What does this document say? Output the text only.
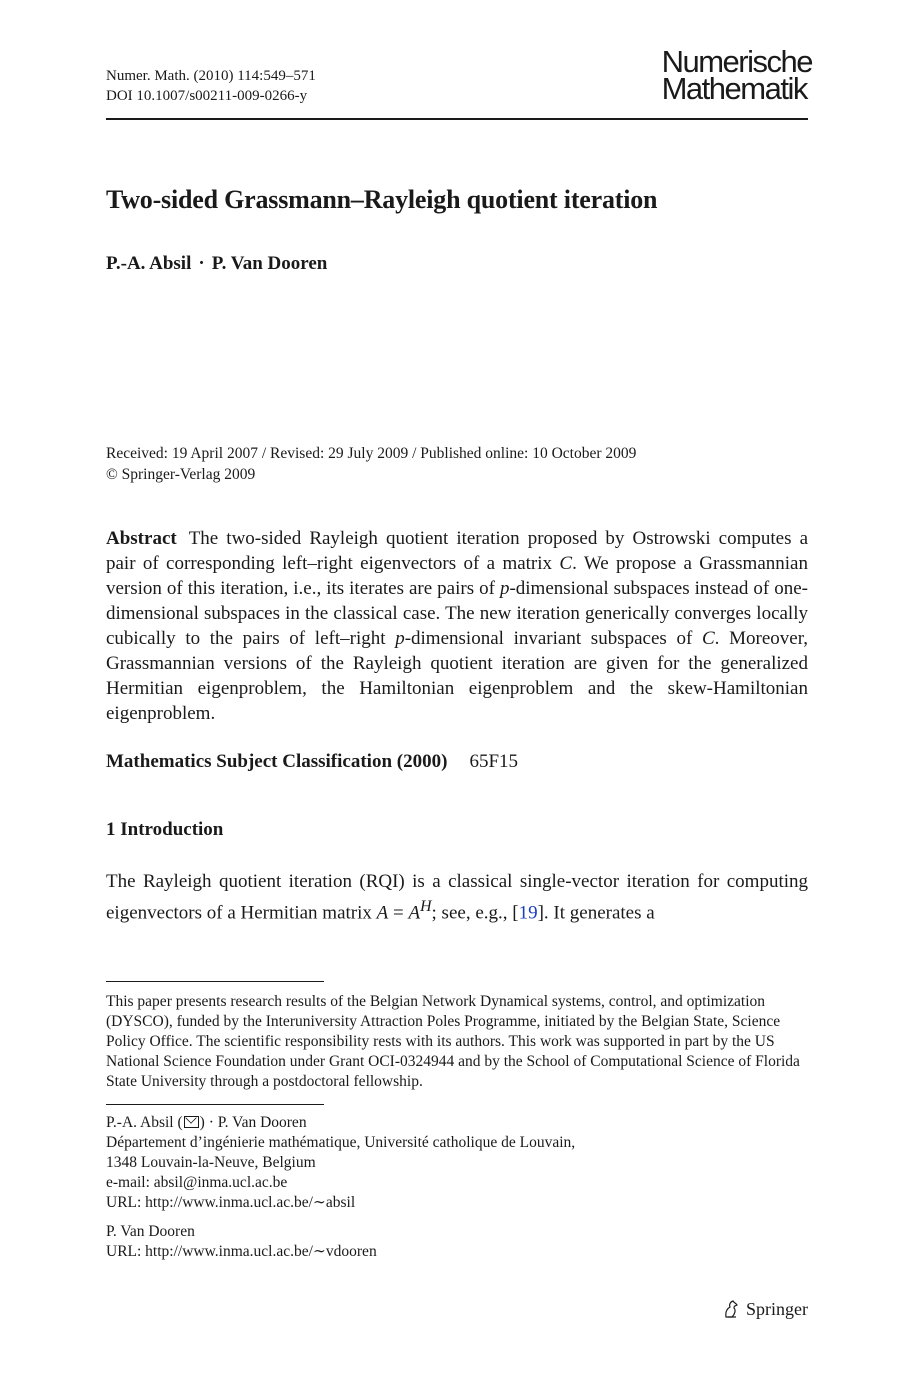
Numer. Math. (2010) 114:549–571
DOI 10.1007/s00211-009-0266-y
Numerische
Mathematik
Two-sided Grassmann–Rayleigh quotient iteration
P.-A. Absil · P. Van Dooren
Received: 19 April 2007 / Revised: 29 July 2009 / Published online: 10 October 2009
© Springer-Verlag 2009
Abstract The two-sided Rayleigh quotient iteration proposed by Ostrowski computes a pair of corresponding left–right eigenvectors of a matrix C. We propose a Grassmannian version of this iteration, i.e., its iterates are pairs of p-dimensional subspaces instead of one-dimensional subspaces in the classical case. The new iteration generically converges locally cubically to the pairs of left–right p-dimensional invariant subspaces of C. Moreover, Grassmannian versions of the Rayleigh quotient iteration are given for the generalized Hermitian eigenproblem, the Hamiltonian eigenproblem and the skew-Hamiltonian eigenproblem.
Mathematics Subject Classification (2000) 65F15
1 Introduction
The Rayleigh quotient iteration (RQI) is a classical single-vector iteration for computing eigenvectors of a Hermitian matrix $A = A^H$; see, e.g., [19]. It generates a
This paper presents research results of the Belgian Network Dynamical systems, control, and optimization (DYSCO), funded by the Interuniversity Attraction Poles Programme, initiated by the Belgian State, Science Policy Office. The scientific responsibility rests with its authors. This work was supported in part by the US National Science Foundation under Grant OCI-0324944 and by the School of Computational Science of Florida State University through a postdoctoral fellowship.
P.-A. Absil ( ) · P. Van Dooren
Département d’ingénierie mathématique, Université catholique de Louvain,
1348 Louvain-la-Neuve, Belgium
e-mail: absil@inma.ucl.ac.be
URL: http://www.inma.ucl.ac.be/∼absil
P. Van Dooren
URL: http://www.inma.ucl.ac.be/∼vdooren
Springer
